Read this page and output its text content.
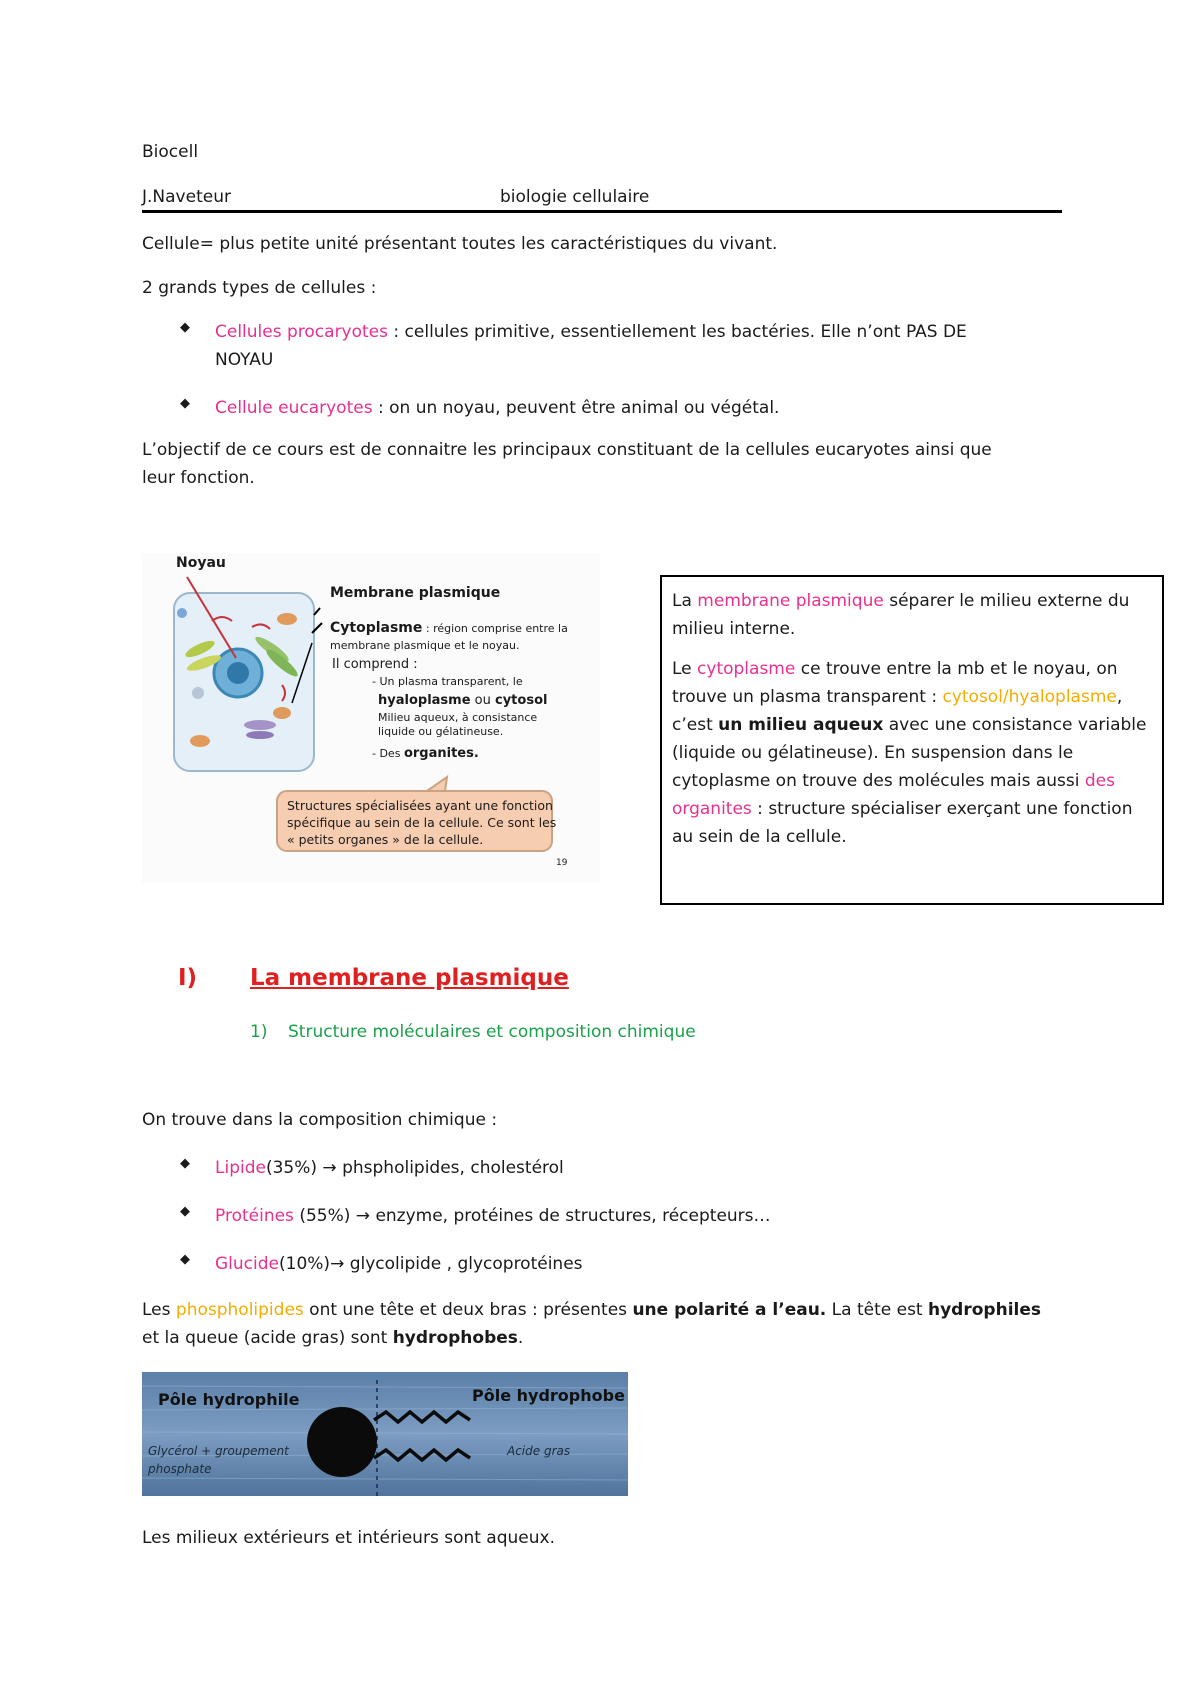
Biocell
J.Naveteur	biologie cellulaire
Cellule= plus petite unité présentant toutes les caractéristiques du vivant.
2 grands types de cellules :
◆ Cellules procaryotes : cellules primitive, essentiellement les bactéries. Elle n’ont PAS DE
NOYAU
◆ Cellule eucaryotes : on un noyau, peuvent être animal ou végétal.
L’objectif de ce cours est de connaitre les principaux constituant de la cellules eucaryotes ainsi que
leur fonction.
Noyau
Membrane plasmique
Cytoplasme : région comprise entre la
membrane plasmique et le noyau.
Il comprend :
- Un plasma transparent, le
hyaloplasme ou cytosol
Milieu aqueux, à consistance
liquide ou gélatineuse.
- Des organites.
Structures spécialisées ayant une fonction
spécifique au sein de la cellule. Ce sont les
« petits organes » de la cellule.
19

La membrane plasmique séparer le milieu externe du

milieu interne.

Le cytoplasme ce trouve entre la mb et le noyau, on

trouve un plasma transparent : cytosol/hyaloplasme,

c’est un milieu aqueux avec une consistance variable

(liquide ou gélatineuse). En suspension dans le

cytoplasme on trouve des molécules mais aussi des

organites : structure spécialiser exerçant une fonction

au sein de la cellule.

I) La membrane plasmique
1) Structure moléculaires et composition chimique
On trouve dans la composition chimique :
◆ Lipide(35%) → phspholipides, cholestérol
◆ Protéines (55%) → enzyme, protéines de structures, récepteurs…
◆ Glucide(10%)→ glycolipide , glycoprotéines
Les phospholipides ont une tête et deux bras : présentes une polarité a l’eau. La tête est hydrophiles
et la queue (acide gras) sont hydrophobes.
Pôle hydrophile	Pôle hydrophobe
Glycérol + groupement
phosphate
Acide gras
Les milieux extérieurs et intérieurs sont aqueux.
